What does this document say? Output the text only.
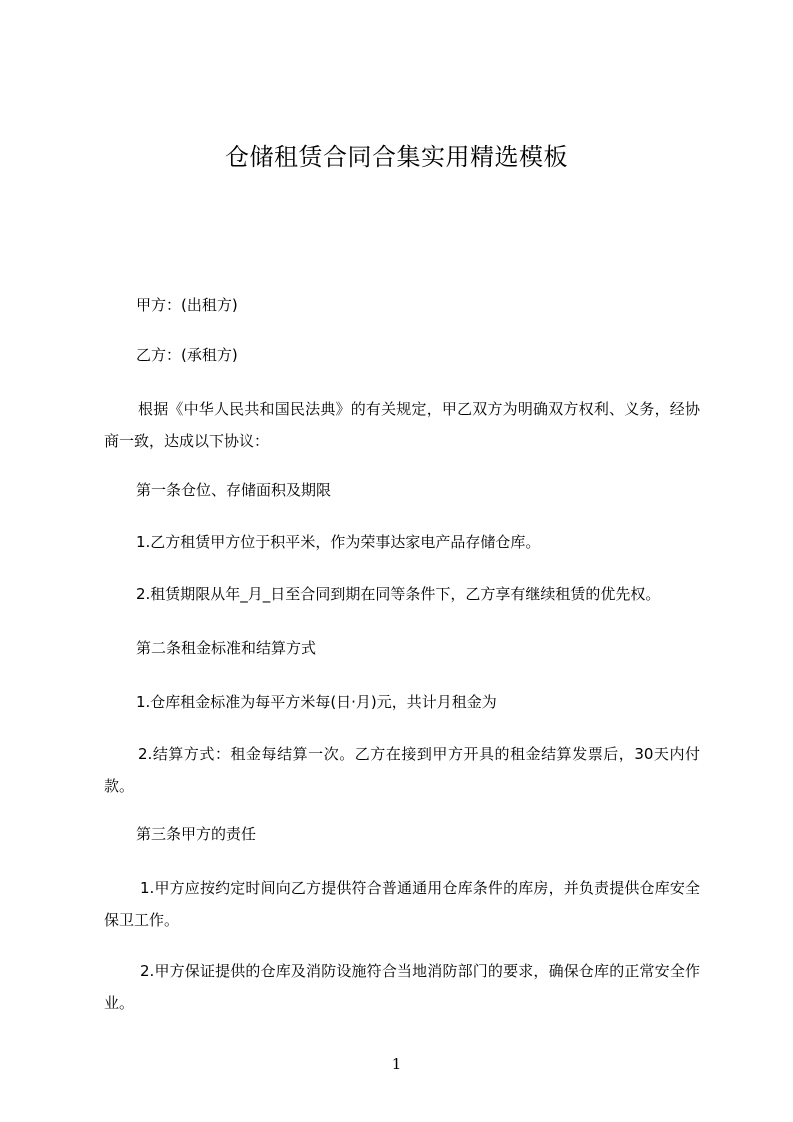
仓储租赁合同合集实用精选模板
甲方：(出租方)
乙方：(承租方)
根据《中华人民共和国民法典》的有关规定，甲乙双方为明确双方权利、义务，经协商一致，达成以下协议：
第一条仓位、存储面积及期限
1.乙方租赁甲方位于积平米，作为荣事达家电产品存储仓库。
2.租赁期限从年_月_日至合同到期在同等条件下，乙方享有继续租赁的优先权。
第二条租金标准和结算方式
1.仓库租金标准为每平方米每(日·月)元，共计月租金为
2.结算方式：租金每结算一次。乙方在接到甲方开具的租金结算发票后，30天内付款。
第三条甲方的责任
1.甲方应按约定时间向乙方提供符合普通通用仓库条件的库房，并负责提供仓库安全保卫工作。
2.甲方保证提供的仓库及消防设施符合当地消防部门的要求，确保仓库的正常安全作业。
1
